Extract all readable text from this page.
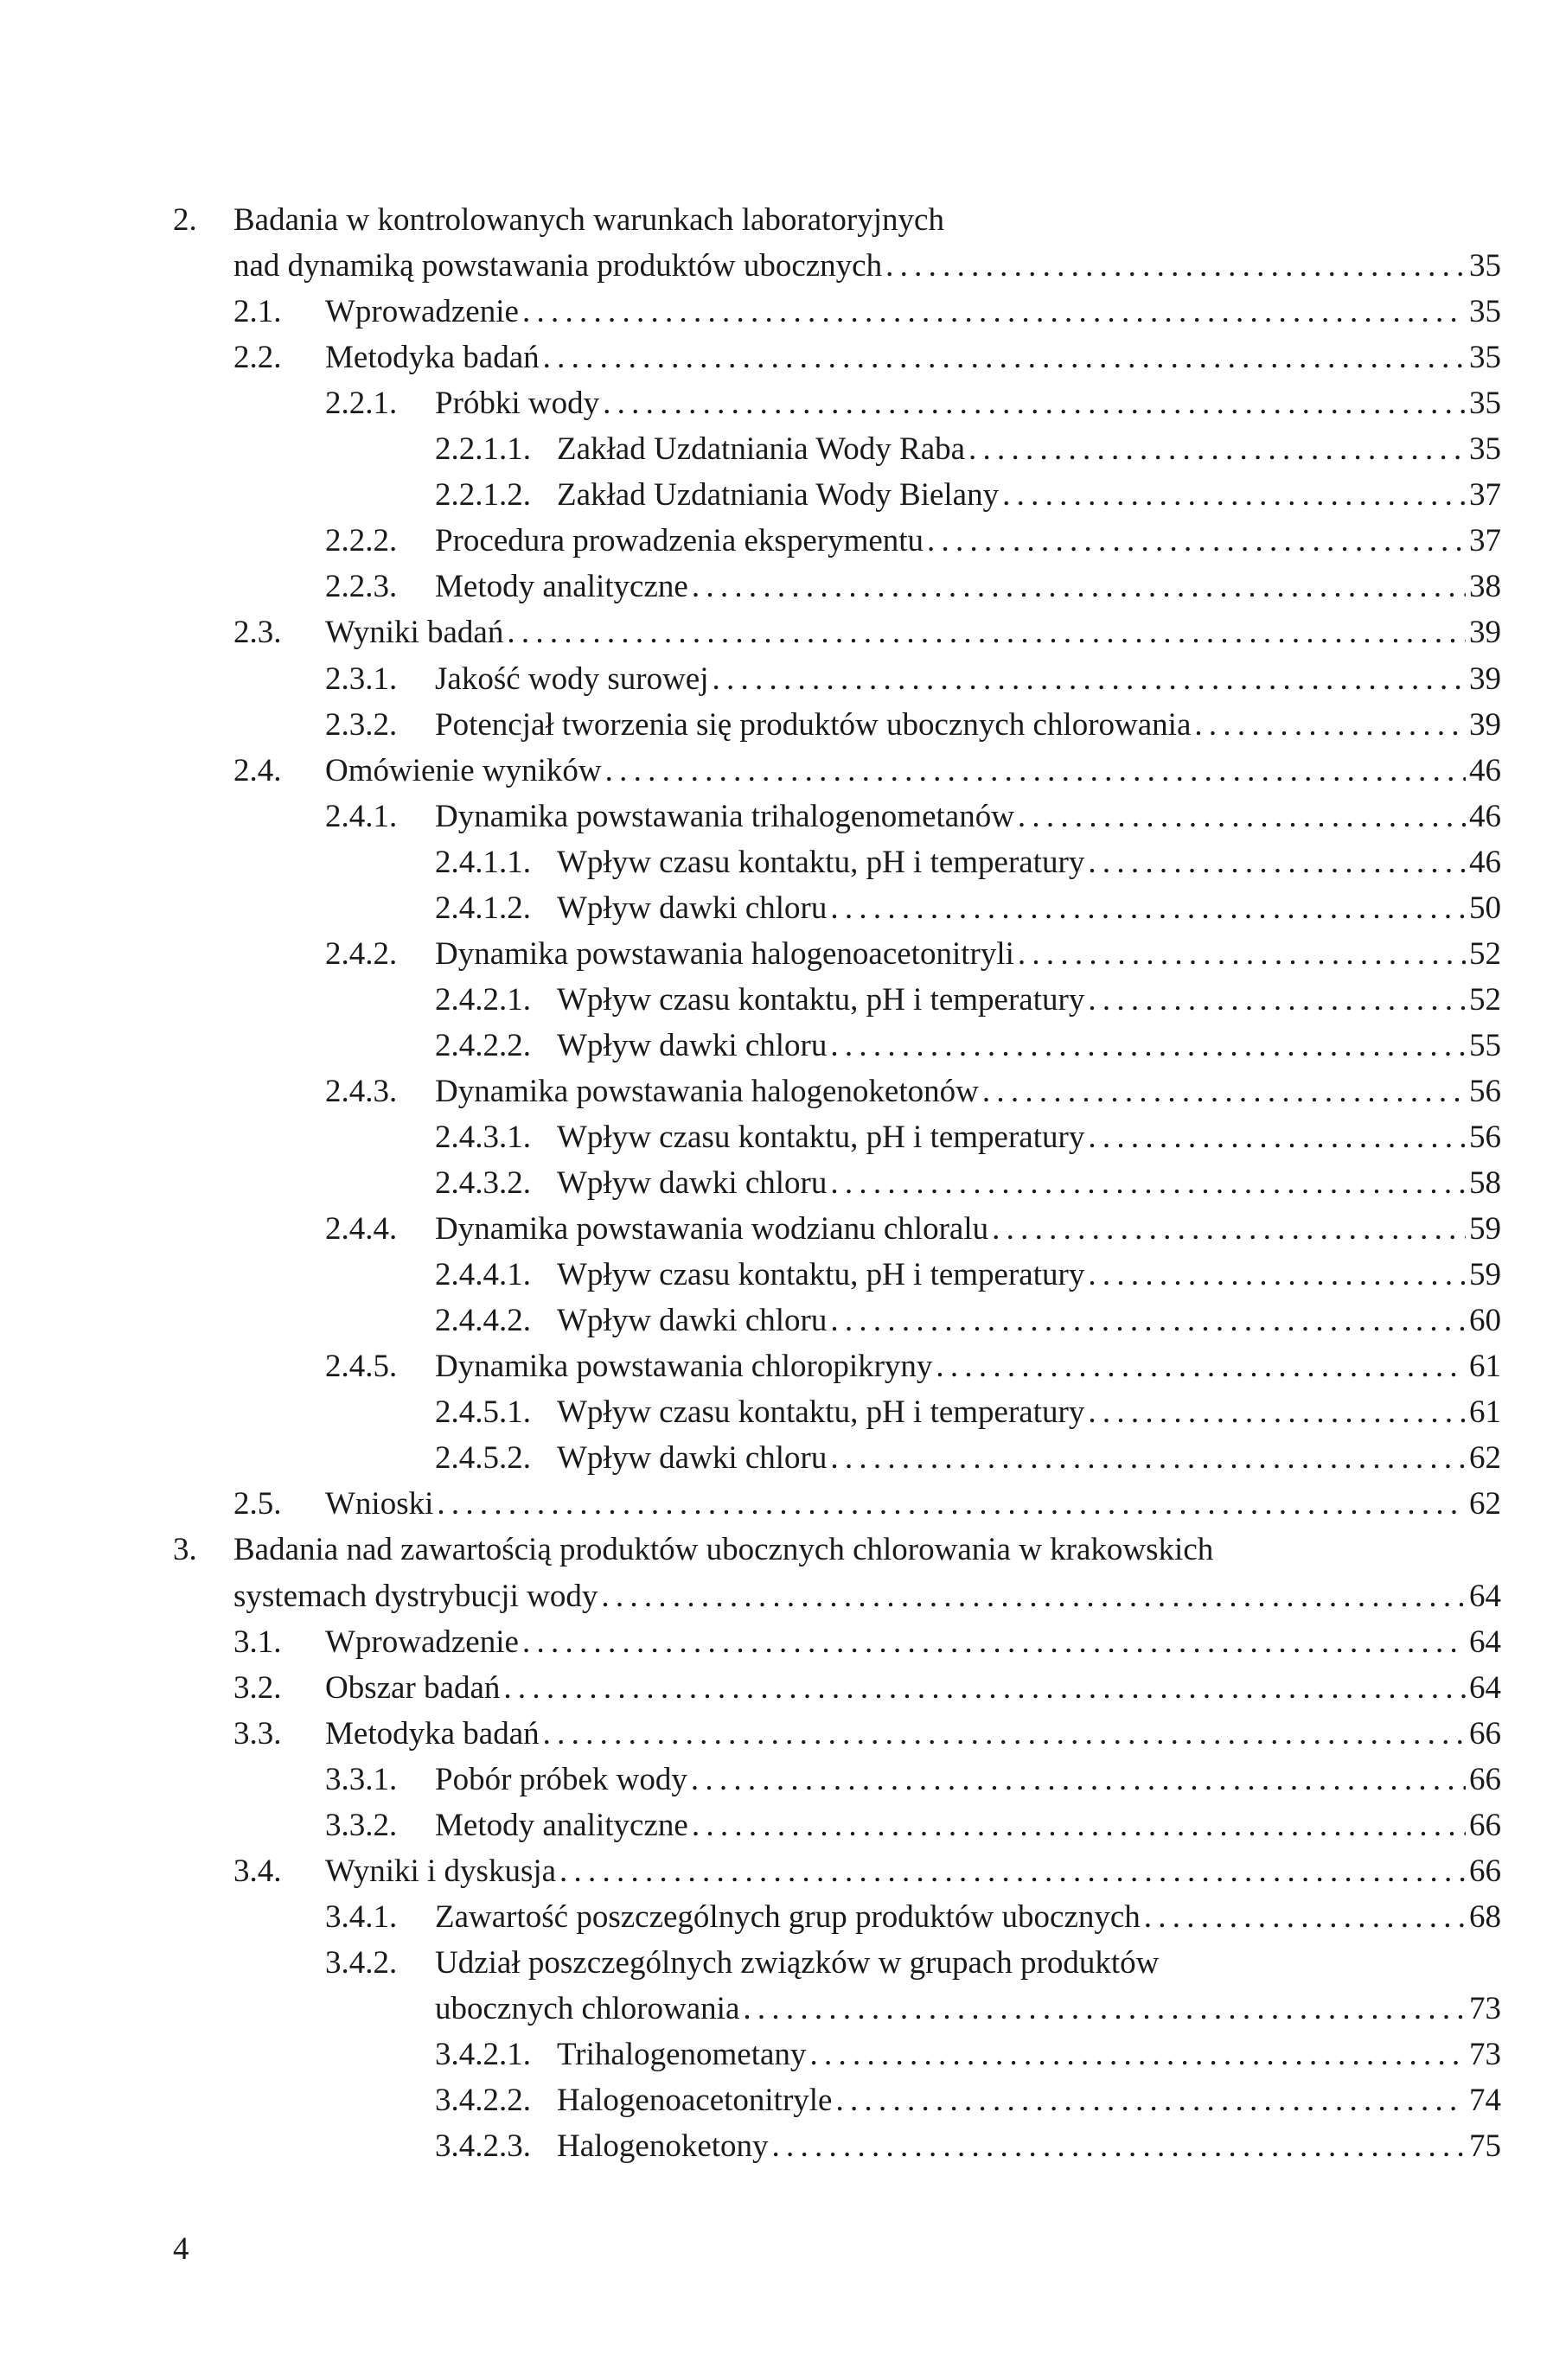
2. Badania w kontrolowanych warunkach laboratoryjnych
nad dynamiką powstawania produktów ubocznych . . .	35
2.1. Wprowadzenie . . .	35
2.2. Metodyka badań . . .	35
2.2.1. Próbki wody . . .	35
2.2.1.1. Zakład Uzdatniania Wody Raba . . .	35
2.2.1.2. Zakład Uzdatniania Wody Bielany . . .	37
2.2.2. Procedura prowadzenia eksperymentu . . .	37
2.2.3. Metody analityczne . . .	38
2.3. Wyniki badań . . .	39
2.3.1. Jakość wody surowej . . .	39
2.3.2. Potencjał tworzenia się produktów ubocznych chlorowania . . .	39
2.4. Omówienie wyników . . .	46
2.4.1. Dynamika powstawania trihalogenometanów . . .	46
2.4.1.1. Wpływ czasu kontaktu, pH i temperatury . . .	46
2.4.1.2. Wpływ dawki chloru . . .	50
2.4.2. Dynamika powstawania halogenoacetonitryli . . .	52
2.4.2.1. Wpływ czasu kontaktu, pH i temperatury . . .	52
2.4.2.2. Wpływ dawki chloru . . .	55
2.4.3. Dynamika powstawania halogenoketonów . . .	56
2.4.3.1. Wpływ czasu kontaktu, pH i temperatury . . .	56
2.4.3.2. Wpływ dawki chloru . . .	58
2.4.4. Dynamika powstawania wodzianu chloralu . . .	59
2.4.4.1. Wpływ czasu kontaktu, pH i temperatury . . .	59
2.4.4.2. Wpływ dawki chloru . . .	60
2.4.5. Dynamika powstawania chloropikryny . . .	61
2.4.5.1. Wpływ czasu kontaktu, pH i temperatury . . .	61
2.4.5.2. Wpływ dawki chloru . . .	62
2.5. Wnioski . . .	62
3. Badania nad zawartością produktów ubocznych chlorowania w krakowskich
systemach dystrybucji wody . . .	64
3.1. Wprowadzenie . . .	64
3.2. Obszar badań . . .	64
3.3. Metodyka badań . . .	66
3.3.1. Pobór próbek wody . . .	66
3.3.2. Metody analityczne . . .	66
3.4. Wyniki i dyskusja . . .	66
3.4.1. Zawartość poszczególnych grup produktów ubocznych . . .	68
3.4.2. Udział poszczególnych związków w grupach produktów
ubocznych chlorowania . . .	73
3.4.2.1. Trihalogenometany . . .	73
3.4.2.2. Halogenoacetonitryle . . .	74
3.4.2.3. Halogenoketony . . .	75
4
